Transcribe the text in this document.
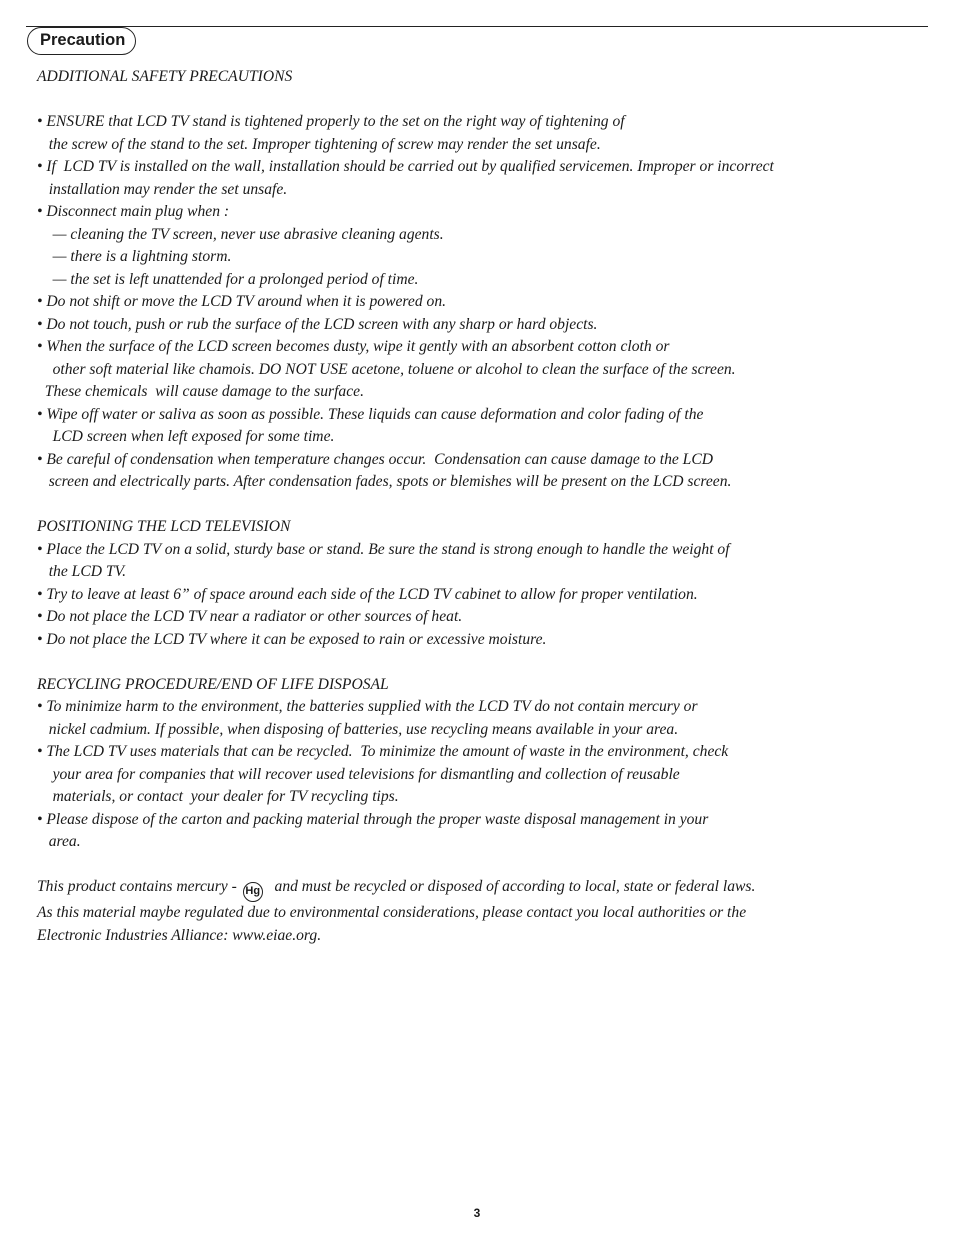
Precaution

ADDITIONAL SAFETY PRECAUTIONS

• ENSURE that LCD TV stand is tightened properly to the set on the right way of tightening of

the screw of the stand to the set. Improper tightening of screw may render the set unsafe.

• If  LCD TV is installed on the wall, installation should be carried out by qualified servicemen. Improper or incorrect

installation may render the set unsafe.

• Disconnect main plug when :

— cleaning the TV screen, never use abrasive cleaning agents.

— there is a lightning storm.

— the set is left unattended for a prolonged period of time.

• Do not shift or move the LCD TV around when it is powered on.

• Do not touch, push or rub the surface of the LCD screen with any sharp or hard objects.

• When the surface of the LCD screen becomes dusty, wipe it gently with an absorbent cotton cloth or

other soft material like chamois. DO NOT USE acetone, toluene or alcohol to clean the surface of the screen.

These chemicals  will cause damage to the surface.

• Wipe off water or saliva as soon as possible. These liquids can cause deformation and color fading of the

LCD screen when left exposed for some time.

• Be careful of condensation when temperature changes occur.  Condensation can cause damage to the LCD

screen and electrically parts. After condensation fades, spots or blemishes will be present on the LCD screen.

POSITIONING THE LCD TELEVISION

• Place the LCD TV on a solid, sturdy base or stand. Be sure the stand is strong enough to handle the weight of

the LCD TV.

• Try to leave at least 6” of space around each side of the LCD TV cabinet to allow for proper ventilation.

• Do not place the LCD TV near a radiator or other sources of heat.

• Do not place the LCD TV where it can be exposed to rain or excessive moisture.

RECYCLING PROCEDURE/END OF LIFE DISPOSAL

• To minimize harm to the environment, the batteries supplied with the LCD TV do not contain mercury or

nickel cadmium. If possible, when disposing of batteries, use recycling means available in your area.

• The LCD TV uses materials that can be recycled.  To minimize the amount of waste in the environment, check

your area for companies that will recover used televisions for dismantling and collection of reusable

materials, or contact  your dealer for TV recycling tips.

• Please dispose of the carton and packing material through the proper waste disposal management in your

area.

This product contains mercury - Hg  and must be recycled or disposed of according to local, state or federal laws.

As this material maybe regulated due to environmental considerations, please contact you local authorities or the

Electronic Industries Alliance: www.eiae.org.

3
